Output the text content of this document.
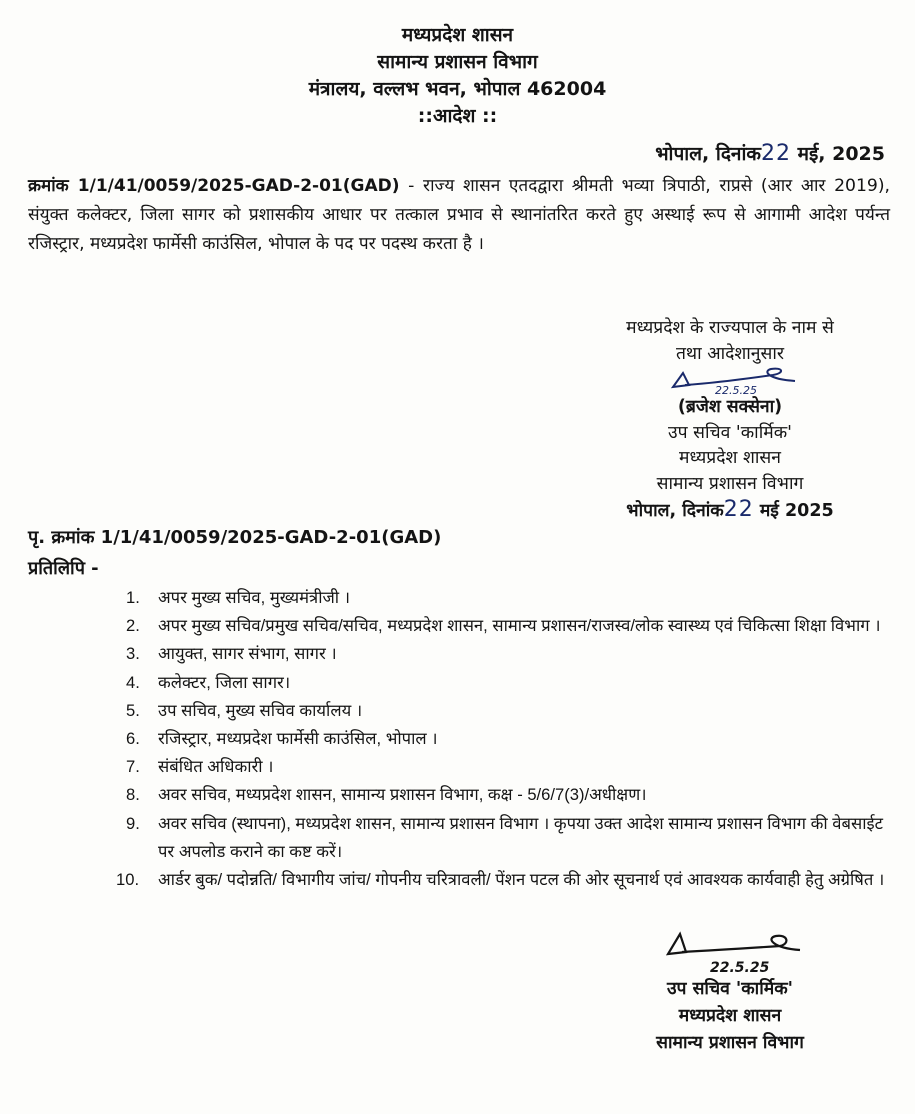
मध्यप्रदेश शासन
सामान्य प्रशासन विभाग
मंत्रालय, वल्लभ भवन, भोपाल 462004
::आदेश ::
भोपाल, दिनांक22 मई, 2025
क्रमांक 1/1/41/0059/2025-GAD-2-01(GAD) - राज्य शासन एतदद्वारा श्रीमती भव्या त्रिपाठी, राप्रसे (आर आर 2019), संयुक्त कलेक्टर, जिला सागर को प्रशासकीय आधार पर तत्काल प्रभाव से स्थानांतरित करते हुए अस्थाई रूप से आगामी आदेश पर्यन्त रजिस्ट्रार, मध्यप्रदेश फार्मेसी काउंसिल, भोपाल के पद पर पदस्थ करता है ।
मध्यप्रदेश के राज्यपाल के नाम से
तथा आदेशानुसार
22.5.25
(ब्रजेश सक्सेना)
उप सचिव 'कार्मिक'
मध्यप्रदेश शासन
सामान्य प्रशासन विभाग
भोपाल, दिनांक22 मई 2025
पृ. क्रमांक 1/1/41/0059/2025-GAD-2-01(GAD)
प्रतिलिपि -
1. अपर मुख्य सचिव, मुख्यमंत्रीजी ।
2. अपर मुख्य सचिव/प्रमुख सचिव/सचिव, मध्यप्रदेश शासन, सामान्य प्रशासन/राजस्व/लोक स्वास्थ्य एवं चिकित्सा शिक्षा विभाग ।
3. आयुक्त, सागर संभाग, सागर ।
4. कलेक्टर, जिला सागर।
5. उप सचिव, मुख्य सचिव कार्यालय ।
6. रजिस्ट्रार, मध्यप्रदेश फार्मेसी काउंसिल, भोपाल ।
7. संबंधित अधिकारी ।
8. अवर सचिव, मध्यप्रदेश शासन, सामान्य प्रशासन विभाग, कक्ष - 5/6/7(3)/अधीक्षण।
9. अवर सचिव (स्थापना), मध्यप्रदेश शासन, सामान्य प्रशासन विभाग । कृपया उक्त आदेश सामान्य प्रशासन विभाग की वेबसाईट पर अपलोड कराने का कष्ट करें।
10. आर्डर बुक/ पदोन्नति/ विभागीय जांच/ गोपनीय चरित्रावली/ पेंशन पटल की ओर सूचनार्थ एवं आवश्यक कार्यवाही हेतु अग्रेषित ।
22.5.25
उप सचिव 'कार्मिक'
मध्यप्रदेश शासन
सामान्य प्रशासन विभाग
